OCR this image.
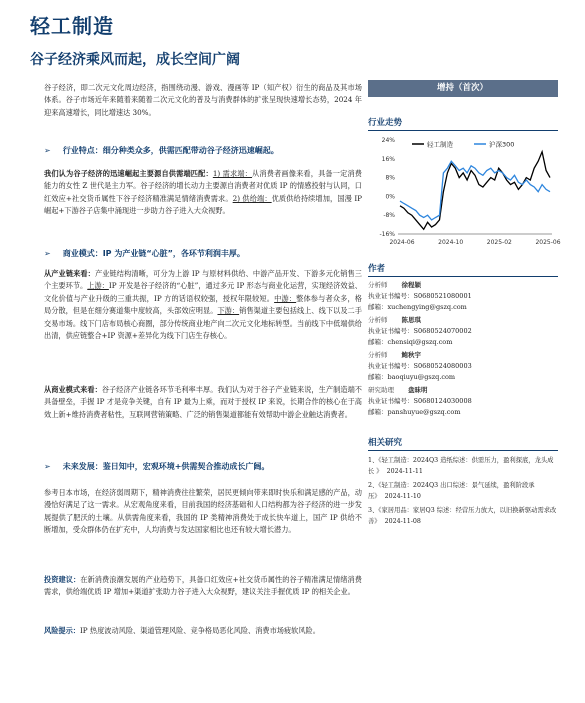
轻工制造
谷子经济乘风而起，成长空间广阔

谷子经济，即二次元文化周边经济，指围绕动漫、游戏、漫画等 IP（知产权）衍生的商品及其市场体系。谷子市场近年来随着来随着二次元文化的普及与消费群体的扩张呈现快速增长态势，2024 年迎来高速增长，同比增速达 30%。

➢ 行业特点：细分种类众多，供需匹配带动谷子经济迅速崛起。

我们认为谷子经济的迅速崛起主要源自供需端匹配：1) 需求端：从消费者画像来看，具备一定消费能力的女性 Z 世代是主力军。谷子经济的增长动力主要源自消费者对优质 IP 的情感投射与认同，口红效应+社交货币属性下谷子经济精准满足情绪消费需求。2) 供给端：优质供给持续增加，国漫 IP 崛起+下游谷子店集中涌现进一步助力谷子进入大众视野。

➢ 商业模式：IP 为产业链“心脏”，各环节利润丰厚。

从产业链来看：产业链结构清晰，可分为上游 IP 与原材料供给、中游产品开发、下游多元化销售三个主要环节。上游：IP 开发是谷子经济的“心脏”，通过多元 IP 形态与商业化运营，实现经济效益、文化价值与产业升级的三重共振，IP 方的话语权较强，授权年限较短。中游：整体参与者众多，格局分散，但是在细分赛道集中度较高，头部效应明显。下游：销售渠道主要包括线上、线下以及二手交易市场。线下门店布局核心商圈，部分传统商业地产向二次元文化地标转型。当前线下中低端供给出清，供应链整合+IP 资源+差异化为线下门店生存核心。

从商业模式来看：谷子经济产业链各环节毛利率丰厚。我们认为对于谷子产业链来说，生产制造端不具备壁垒，手握 IP 才是竞争关键，自有 IP 最为上乘，而对于授权 IP 来说，长期合作的核心在于高效上新+维持消费者粘性，互联网营销策略、广泛的销售渠道都能有效帮助中游企业触达消费者。

➢ 未来发展：鉴日知中，宏观环境+供需契合推动成长广阔。

参考日本市场，在经济弱周期下，精神消费往往繁荣，居民更倾向带来即时快乐和满足感的产品，动漫恰好满足了这一需求。从宏观角度来看，目前我国的经济基础和人口结构都为谷子经济的进一步发展提供了肥沃的土壤。从供需角度来看，我国的 IP 类精神消费处于成长快车道上，国产 IP 供给不断增加，受众群体仍在扩充中，人均消费与发达国家相比也还有较大增长潜力。

投资建议：在新消费浪潮发展的产业趋势下，具备口红效应+社交货币属性的谷子精准满足情绪消费需求，供给端优质 IP 增加+渠道扩张助力谷子进入大众视野，建议关注手握优质 IP 的相关企业。

风险提示：IP 热度波动风险、渠道管理风险、竞争格局恶化风险、消费市场疲软风险。

增持（首次）
行业走势
-16%
-8%
0%
8%
16%
24%
2024-06	2024-10	2025-02	2025-06
轻工制造	沪深300
作者
分析师 徐程颖
执业证书编号：S0680521080001
邮箱：xuchengying@gszq.com
分析师 陈思琪
执业证书编号：S0680524070002
邮箱：chensiqi@gszq.com
分析师 鲍秋宇
执业证书编号：S0680524080003
邮箱：baoqiuyu@gszq.com
研究助理 盘昧明
执业证书编号：S0680124030008
邮箱：panshuyue@gszq.com
相关研究
1、《轻工制造：2024Q3 造纸综述：供需压力，盈利探底，龙头成长 》 2024-11-11
2、《轻工制造：2024Q3 出口综述：景气延续，盈利阶段承压》 2024-11-10
3、《家居用品：家居Q3 综述：经营压力放大，以旧换新驱动需求改善》 2024-11-08
